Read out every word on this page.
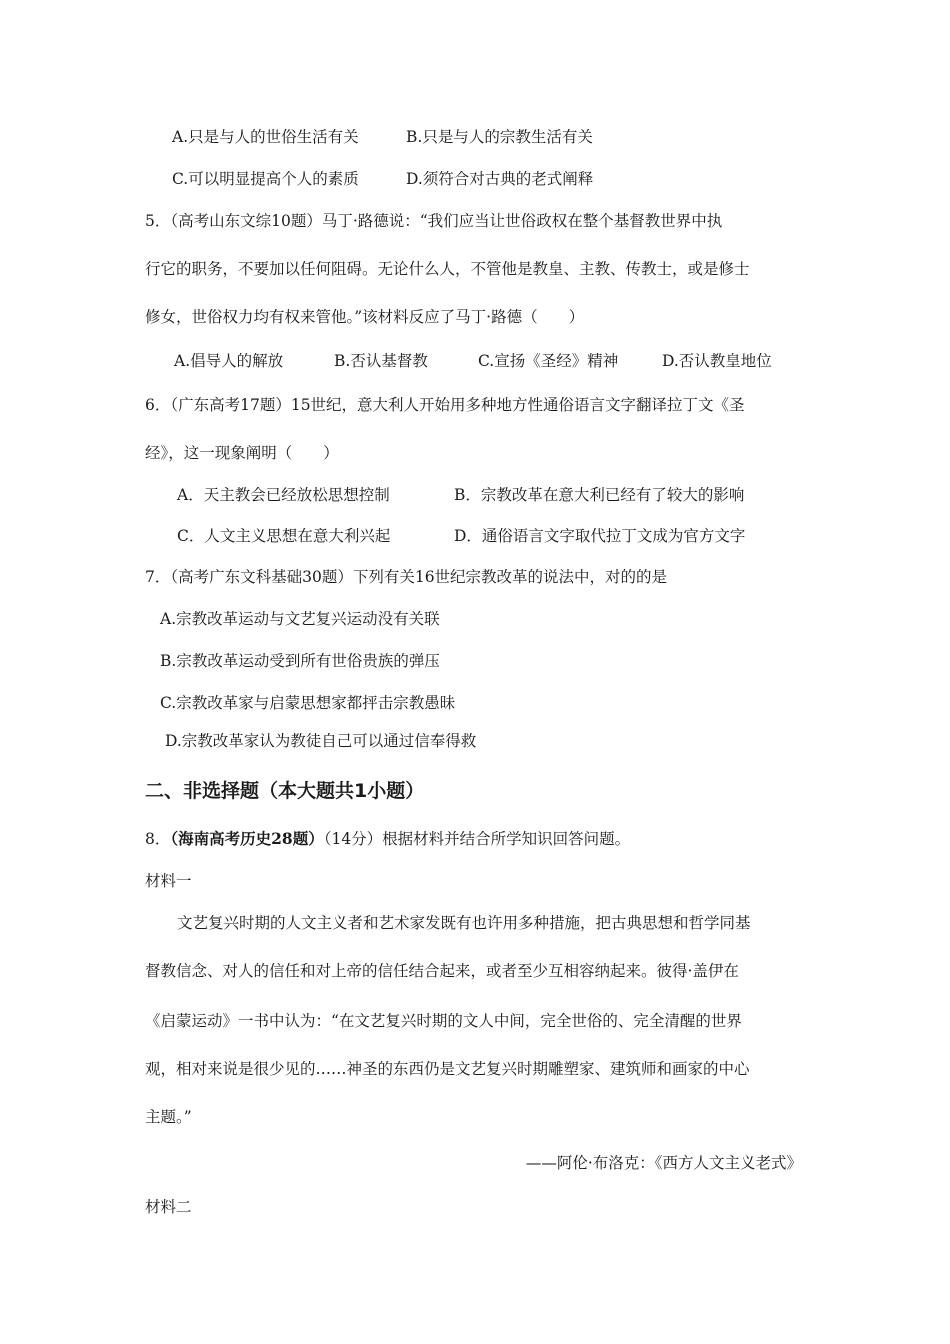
A.只是与人的世俗生活有关	B.只是与人的宗教生活有关
C.可以明显提高个人的素质	D.须符合对古典的老式阐释
5．（高考山东文综10题）马丁·路德说：“我们应当让世俗政权在整个基督教世界中执
行它的职务，不要加以任何阻碍。无论什么人，不管他是教皇、主教、传教士，或是修士
修女，世俗权力均有权来管他。”该材料反应了马丁·路德（　　）
A.倡导人的解放	B.否认基督教	C.宣扬《圣经》精神	D.否认教皇地位
6．（广东高考17题）15世纪，意大利人开始用多种地方性通俗语言文字翻译拉丁文《圣
经》，这一现象阐明（　　）
A．天主教会已经放松思想控制	B．宗教改革在意大利已经有了较大的影响
C．人文主义思想在意大利兴起	D．通俗语言文字取代拉丁文成为官方文字
7．（高考广东文科基础30题）下列有关16世纪宗教改革的说法中，对的的是
A.宗教改革运动与文艺复兴运动没有关联
B.宗教改革运动受到所有世俗贵族的弹压
C.宗教改革家与启蒙思想家都抨击宗教愚昧
D.宗教改革家认为教徒自己可以通过信奉得救
二、非选择题（本大题共1小题）
8．（海南高考历史28题）（14分）根据材料并结合所学知识回答问题。
材料一
文艺复兴时期的人文主义者和艺术家发既有也许用多种措施，把古典思想和哲学同基
督教信念、对人的信任和对上帝的信任结合起来，或者至少互相容纳起来。彼得·盖伊在
《启蒙运动》一书中认为：“在文艺复兴时期的文人中间，完全世俗的、完全清醒的世界
观，相对来说是很少见的……神圣的东西仍是文艺复兴时期雕塑家、建筑师和画家的中心
主题。”
——阿伦·布洛克：《西方人文主义老式》
材料二
